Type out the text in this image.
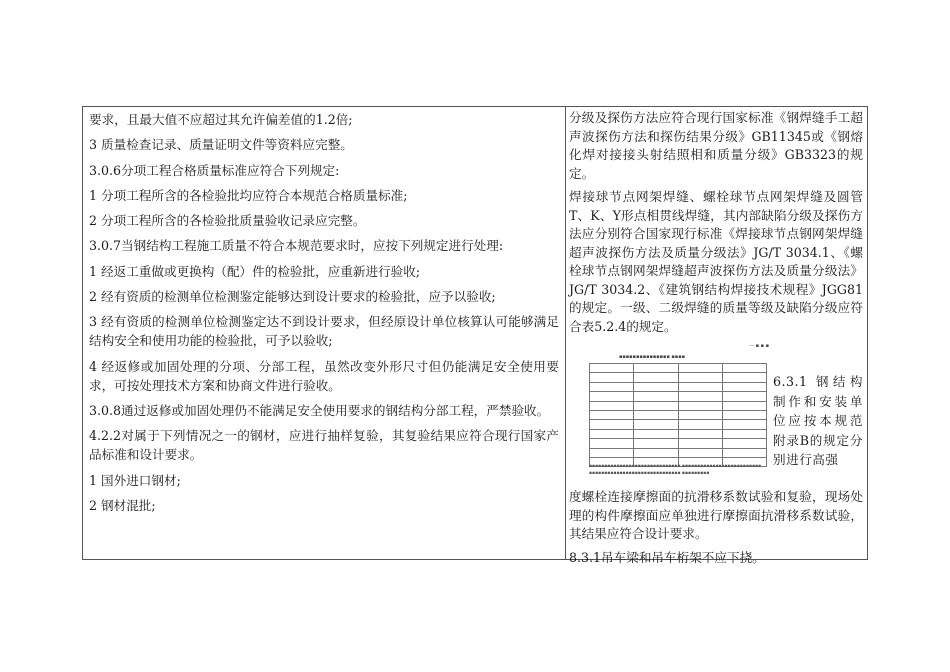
要求，且最大值不应超过其允许偏差值的1.2倍;

3 质量检查记录、质量证明文件等资料应完整。

3.0.6分项工程合格质量标准应符合下列规定:

1 分项工程所含的各检验批均应符合本规范合格质量标准;

2 分项工程所含的各检验批质量验收记录应完整。

3.0.7当钢结构工程施工质量不符合本规范要求时，应按下列规定进行处理:

1 经返工重做或更换构（配）件的检验批，应重新进行验收;

2 经有资质的检测单位检测鉴定能够达到设计要求的检验批，应予以验收;

3 经有资质的检测单位检测鉴定达不到设计要求，但经原设计单位核算认可能够满足结构安全和使用功能的检验批，可予以验收;

4 经返修或加固处理的分项、分部工程，虽然改变外形尺寸但仍能满足安全使用要求，可按处理技术方案和协商文件进行验收。

3.0.8通过返修或加固处理仍不能满足安全使用要求的钢结构分部工程，严禁验收。

4.2.2对属于下列情况之一的钢材，应进行抽样复验，其复验结果应符合现行国家产品标准和设计要求。

1 国外进口钢材;

2 钢材混批;

分级及探伤方法应符合现行国家标准《钢焊缝手工超声波探伤方法和探伤结果分级》GB11345或《钢熔化焊对接接头射结照相和质量分级》GB3323的规定。

焊接球节点网架焊缝、螺栓球节点网架焊缝及圆管T、K、Y形点相贯线焊缝，其内部缺陷分级及探伤方法应分别符合国家现行标准《焊接球节点钢网架焊缝超声波探伤方法及质量分级法》JG/T 3034.1、《螺栓球节点钢网架焊缝超声波探伤方法及质量分级法》JG/T 3034.2、《建筑钢结构焊接技术规程》JGG81的规定。一级、二级焊缝的质量等级及缺陷分级应符合表5.2.4的规定。

— ▪ ▪ ▪
▪▪▪▪▪▪▪▪▪▪▪▪▪▪▪ ▪▪▪▪

▪▪▪▪▪▪▪▪▪▪▪▪▪▪▪▪▪▪▪▪▪▪▪▪▪▪▪▪▪▪ ▪▪▪▪▪▪▪▪▪▪▪▪▪▪▪▪▪▪▪▪▪▪▪▪▪▪ ▪▪▪▪▪▪▪▪▪▪▪▪▪▪▪▪▪▪▪▪▪▪▪▪▪▪▪▪▪▪ ▪▪▪▪▪▪▪▪▪
6.3.1 钢结构制作和安装单位应按本规范附录B的规定分别进行高强

度螺栓连接摩擦面的抗滑移系数试验和复验，现场处理的构件摩擦面应单独进行摩擦面抗滑移系数试验，其结果应符合设计要求。

8.3.1吊车梁和吊车桁架不应下挠。
